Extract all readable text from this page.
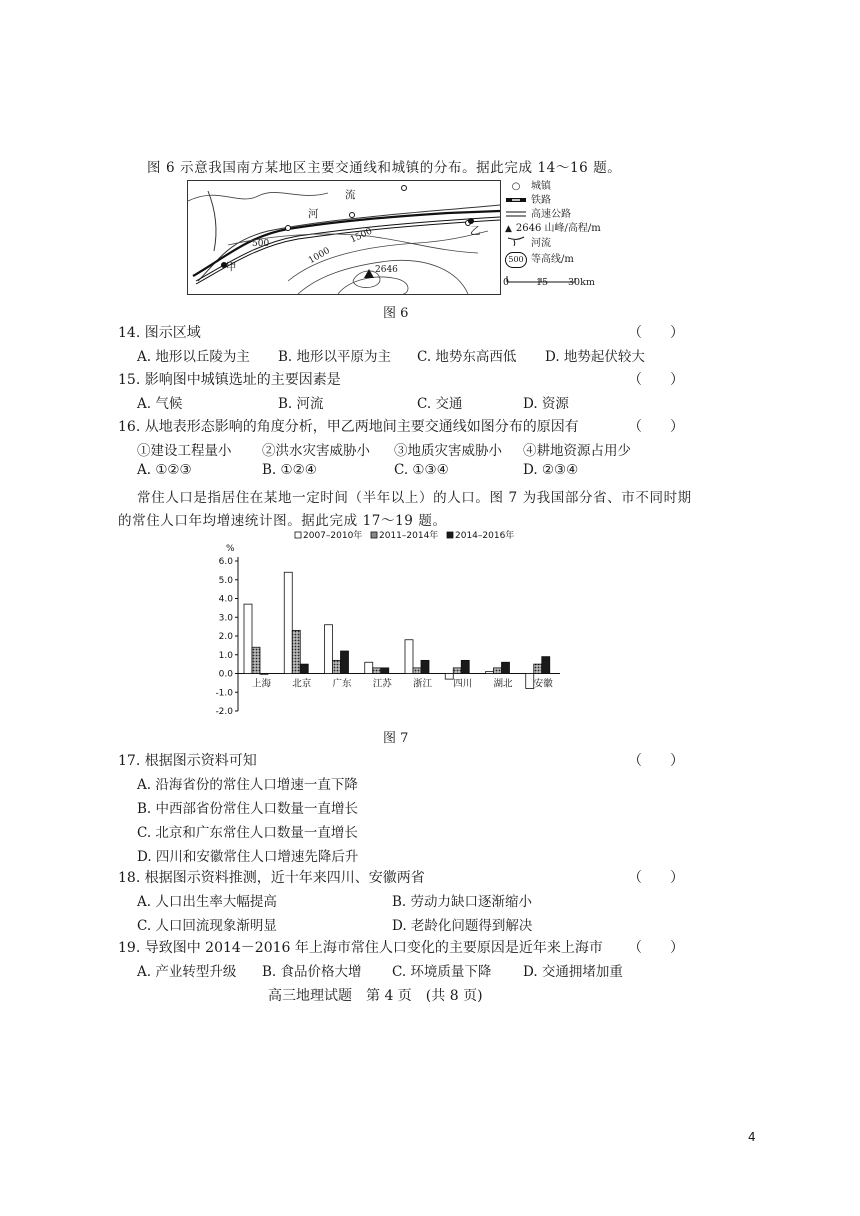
图 6 示意我国南方某地区主要交通线和城镇的分布。据此完成 14～16 题。
河
流
甲
乙
500
1000
1500
2646
○	城镇
铁路
高速公路
▲ 2646 山峰/高程/m
河流
500 等高线/m
0	15 30km
图 6
14. 图示区域	（　　）
A. 地形以丘陵为主 B. 地形以平原为主 C. 地势东高西低 D. 地势起伏较大
15. 影响图中城镇选址的主要因素是	（　　）
A. 气候	B. 河流	C. 交通	D. 资源
16. 从地表形态影响的角度分析，甲乙两地间主要交通线如图分布的原因有	（　　）
①建设工程量小 ②洪水灾害威胁小 ③地质灾害威胁小 ④耕地资源占用少
A. ①②③	B. ①②④	C. ①③④	D. ②③④
常住人口是指居住在某地一定时间（半年以上）的人口。图 7 为我国部分省、市不同时期
的常住人口年均增速统计图。据此完成 17～19 题。
2007–2010年 2011–2014年 2014–2016年
%
-2.0
-1.0
0.0
1.0
2.0
3.0
4.0
5.0
6.0
上海 北京 广东 江苏 浙江 四川 湖北 安徽
图 7
17. 根据图示资料可知	（　　）
A. 沿海省份的常住人口增速一直下降
B. 中西部省份常住人口数量一直增长
C. 北京和广东常住人口数量一直增长
D. 四川和安徽常住人口增速先降后升
18. 根据图示资料推测，近十年来四川、安徽两省	（　　）
A. 人口出生率大幅提高	B. 劳动力缺口逐渐缩小
C. 人口回流现象渐明显	D. 老龄化问题得到解决
19. 导致图中 2014－2016 年上海市常住人口变化的主要原因是近年来上海市 （　　）
A. 产业转型升级 B. 食品价格大增 C. 环境质量下降 D. 交通拥堵加重
高三地理试题　第 4 页　(共 8 页)
4
